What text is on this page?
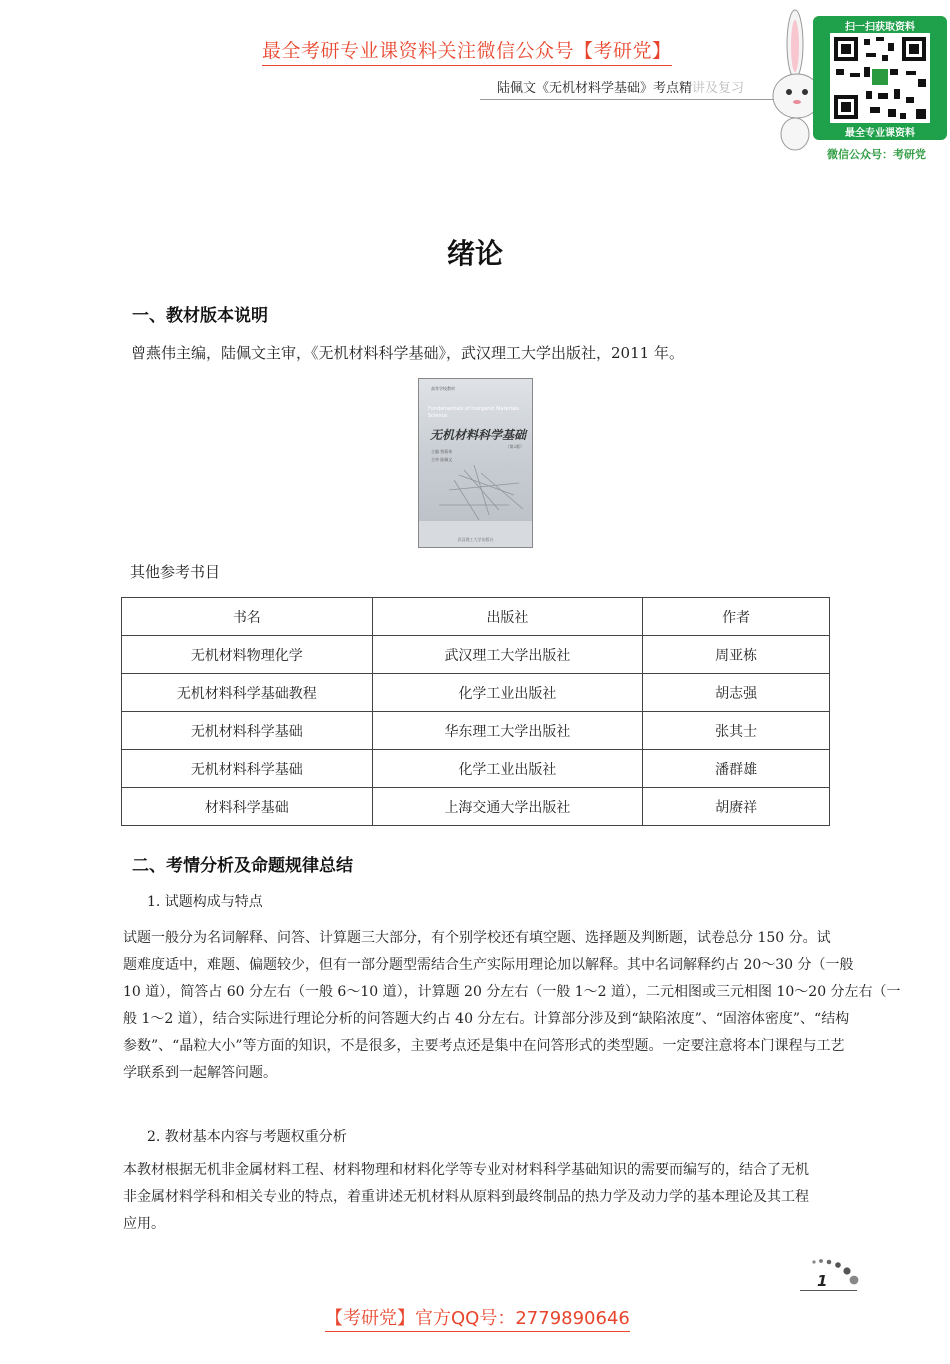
最全考研专业课资料关注微信公众号【考研党】
陆佩文《无机材料学基础》考点精讲及复习
扫一扫获取资料
最全专业课资料
微信公众号：考研党
绪论
一、教材版本说明
曾燕伟主编，陆佩文主审，《无机材料科学基础》，武汉理工大学出版社，2011 年。
高等学校教材
Fundamentals of Inorganic Materials Science
无机材料科学基础
（第2版）
主编 曾燕伟
主审 陆佩文
武汉理工大学出版社
其他参考书目
书名	出版社	作者
无机材料物理化学	武汉理工大学出版社	周亚栋
无机材料科学基础教程	化学工业出版社	胡志强
无机材料科学基础	华东理工大学出版社	张其士
无机材料科学基础	化学工业出版社	潘群雄
材料科学基础	上海交通大学出版社	胡赓祥
二、考情分析及命题规律总结
1. 试题构成与特点
试题一般分为名词解释、问答、计算题三大部分，有个别学校还有填空题、选择题及判断题，试卷总分 150 分。试
题难度适中，难题、偏题较少，但有一部分题型需结合生产实际用理论加以解释。其中名词解释约占 20～30 分（一般
10 道），简答占 60 分左右（一般 6～10 道），计算题 20 分左右（一般 1～2 道），二元相图或三元相图 10～20 分左右（一
般 1～2 道），结合实际进行理论分析的问答题大约占 40 分左右。计算部分涉及到“缺陷浓度”、“固溶体密度”、“结构
参数”、“晶粒大小”等方面的知识，不是很多，主要考点还是集中在问答形式的类型题。一定要注意将本门课程与工艺
学联系到一起解答问题。
2. 教材基本内容与考题权重分析
本教材根据无机非金属材料工程、材料物理和材料化学等专业对材料科学基础知识的需要而编写的，结合了无机
非金属材料学科和相关专业的特点，着重讲述无机材料从原料到最终制品的热力学及动力学的基本理论及其工程
应用。
1
【考研党】官方QQ号：2779890646
